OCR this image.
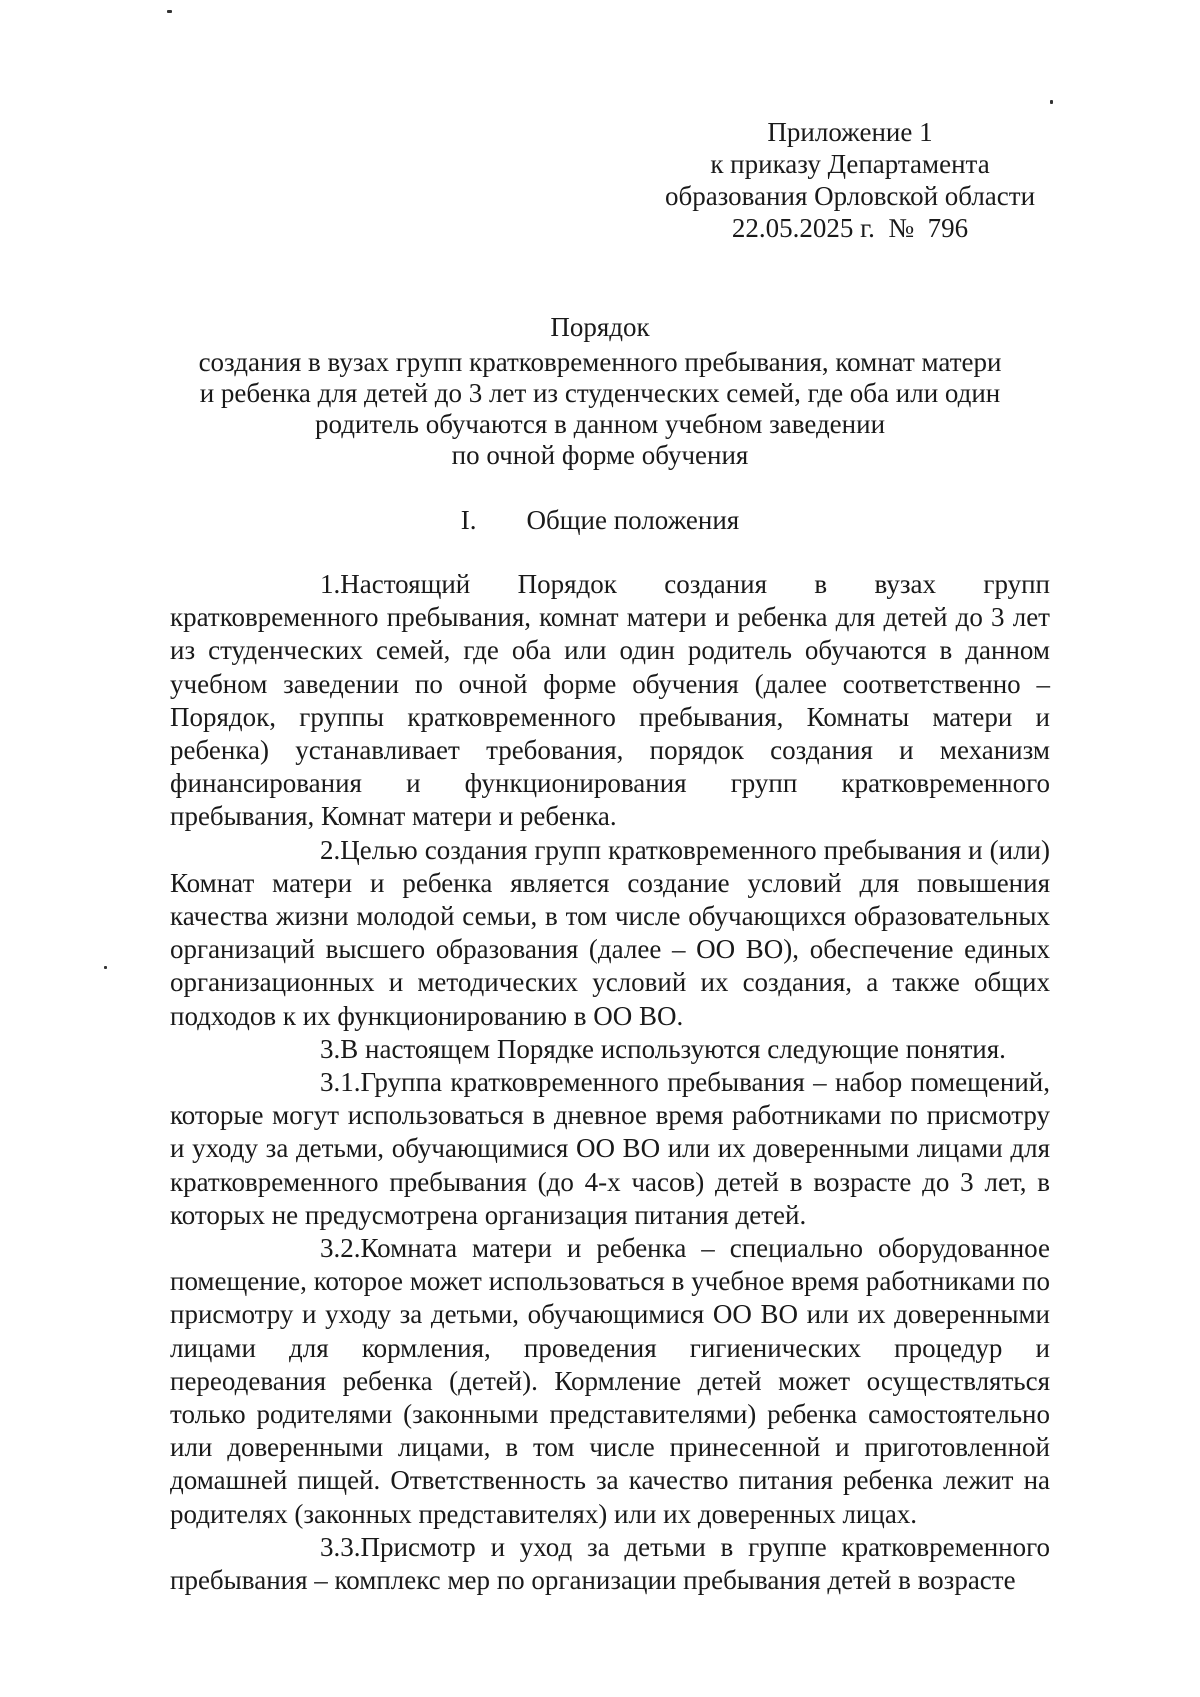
Приложение 1
к приказу Департамента
образования Орловской области
22.05.2025 г.  №  796
Порядок
создания в вузах групп кратковременного пребывания, комнат матери
и ребенка для детей до 3 лет из студенческих семей, где оба или один
родитель обучаются в данном учебном заведении
по очной форме обучения
I. Общие положения

1.Настоящий Порядок создания в вузах групп кратковременного пребывания, комнат матери и ребенка для детей до 3 лет из студенческих семей, где оба или один родитель обучаются в данном учебном заведении по очной форме обучения (далее соответственно – Порядок, группы кратковременного пребывания, Комнаты матери и ребенка) устанавливает требования, порядок создания и механизм финансирования и функционирования групп кратковременного пребывания, Комнат матери и ребенка.

2.Целью создания групп кратковременного пребывания и (или) Комнат матери и ребенка является создание условий для повышения качества жизни молодой семьи, в том числе обучающихся образовательных организаций высшего образования (далее – ОО ВО), обеспечение единых организационных и методических условий их создания, а также общих подходов к их функционированию в ОО ВО.

3.В настоящем Порядке используются следующие понятия.

3.1.Группа кратковременного пребывания – набор помещений, которые могут использоваться в дневное время работниками по присмотру и уходу за детьми, обучающимися ОО ВО или их доверенными лицами для кратковременного пребывания (до 4-х часов) детей в возрасте до 3 лет, в которых не предусмотрена организация питания детей.

3.2.Комната матери и ребенка – специально оборудованное помещение, которое может использоваться в учебное время работниками по присмотру и уходу за детьми, обучающимися ОО ВО или их доверенными лицами для кормления, проведения гигиенических процедур и переодевания ребенка (детей). Кормление детей может осуществляться только родителями (законными представителями) ребенка самостоятельно или доверенными лицами, в том числе принесенной и приготовленной домашней пищей. Ответственность за качество питания ребенка лежит на родителях (законных представителях) или их доверенных лицах.

3.3.Присмотр и уход за детьми в группе кратковременного пребывания – комплекс мер по организации пребывания детей в возрасте
